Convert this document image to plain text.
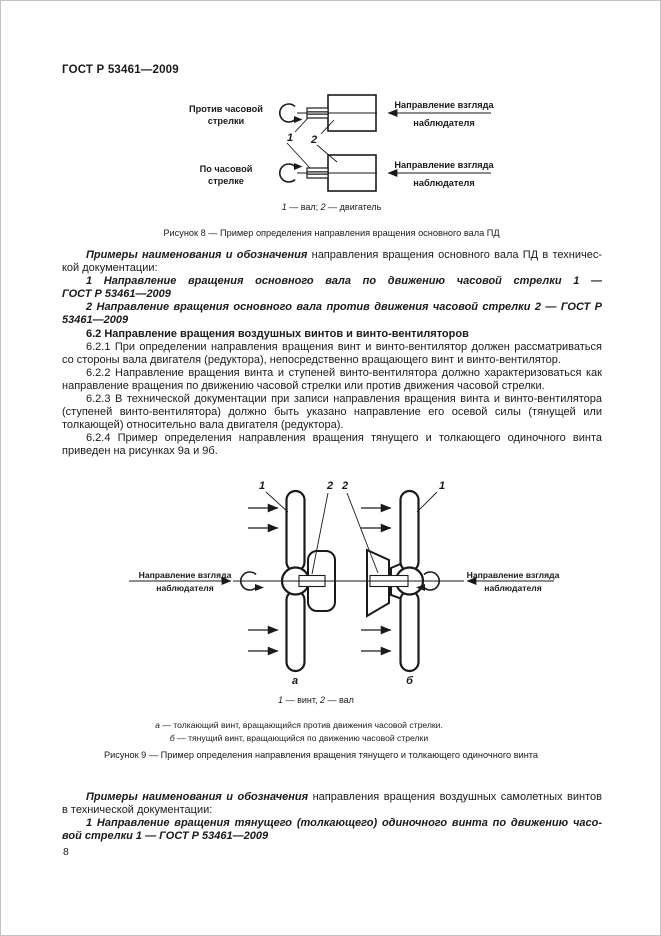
ГОСТ Р 53461—2009
Против часовой
стрелки
По часовой
стрелке
Направление взгляда
наблюдателя
Направление взгляда
наблюдателя
1 2
1 — вал; 2 — двигатель
Рисунок 8 — Пример определения направления вращения основного вала ПД
Примеры наименования и обозначения направления вращения основного вала ПД в техничес-
кой документации:
1 Направление вращения основного вала по движению часовой стрелки 1 —
ГОСТ Р 53461—2009
2 Направление вращения основного вала против движения часовой стрелки 2 — ГОСТ Р
53461—2009
6.2 Направление вращения воздушных винтов и винто-вентиляторов

6.2.1 При определении направления вращения винт и винто-вентилятор должен рассматриваться со стороны вала двигателя (редуктора), непосредственно вращающего винт и винто-вентилятор.

6.2.2 Направление вращения винта и ступеней винто-вентилятора должно характеризоваться как направление вращения по движению часовой стрелки или против движения часовой стрелки.

6.2.3 В технической документации при записи направления вращения винта и винто-вентилятора (ступеней винто-вентилятора) должно быть указано направление его осевой силы (тянущей или толкающей) относительно вала двигателя (редуктора).

6.2.4 Пример определения направления вращения тянущего и толкающего одиночного винта приведен на рисунках 9а и 9б.

Направление взгляда
наблюдателя
Направление взгляда
наблюдателя
1	2 2	1
а	б
1 — винт, 2 — вал
а — толкающий винт, вращающийся против движения часовой стрелки.
б — тянущий винт, вращающийся по движению часовой стрелки
Рисунок 9 — Пример определения направления вращения тянущего и толкающего одиночного винта
Примеры наименования и обозначения направления вращения воздушных самолетных винтов
в технической документации:
1 Направление вращения тянущего (толкающего) одиночного винта по движению часо-
вой стрелки 1 — ГОСТ Р 53461—2009
8
